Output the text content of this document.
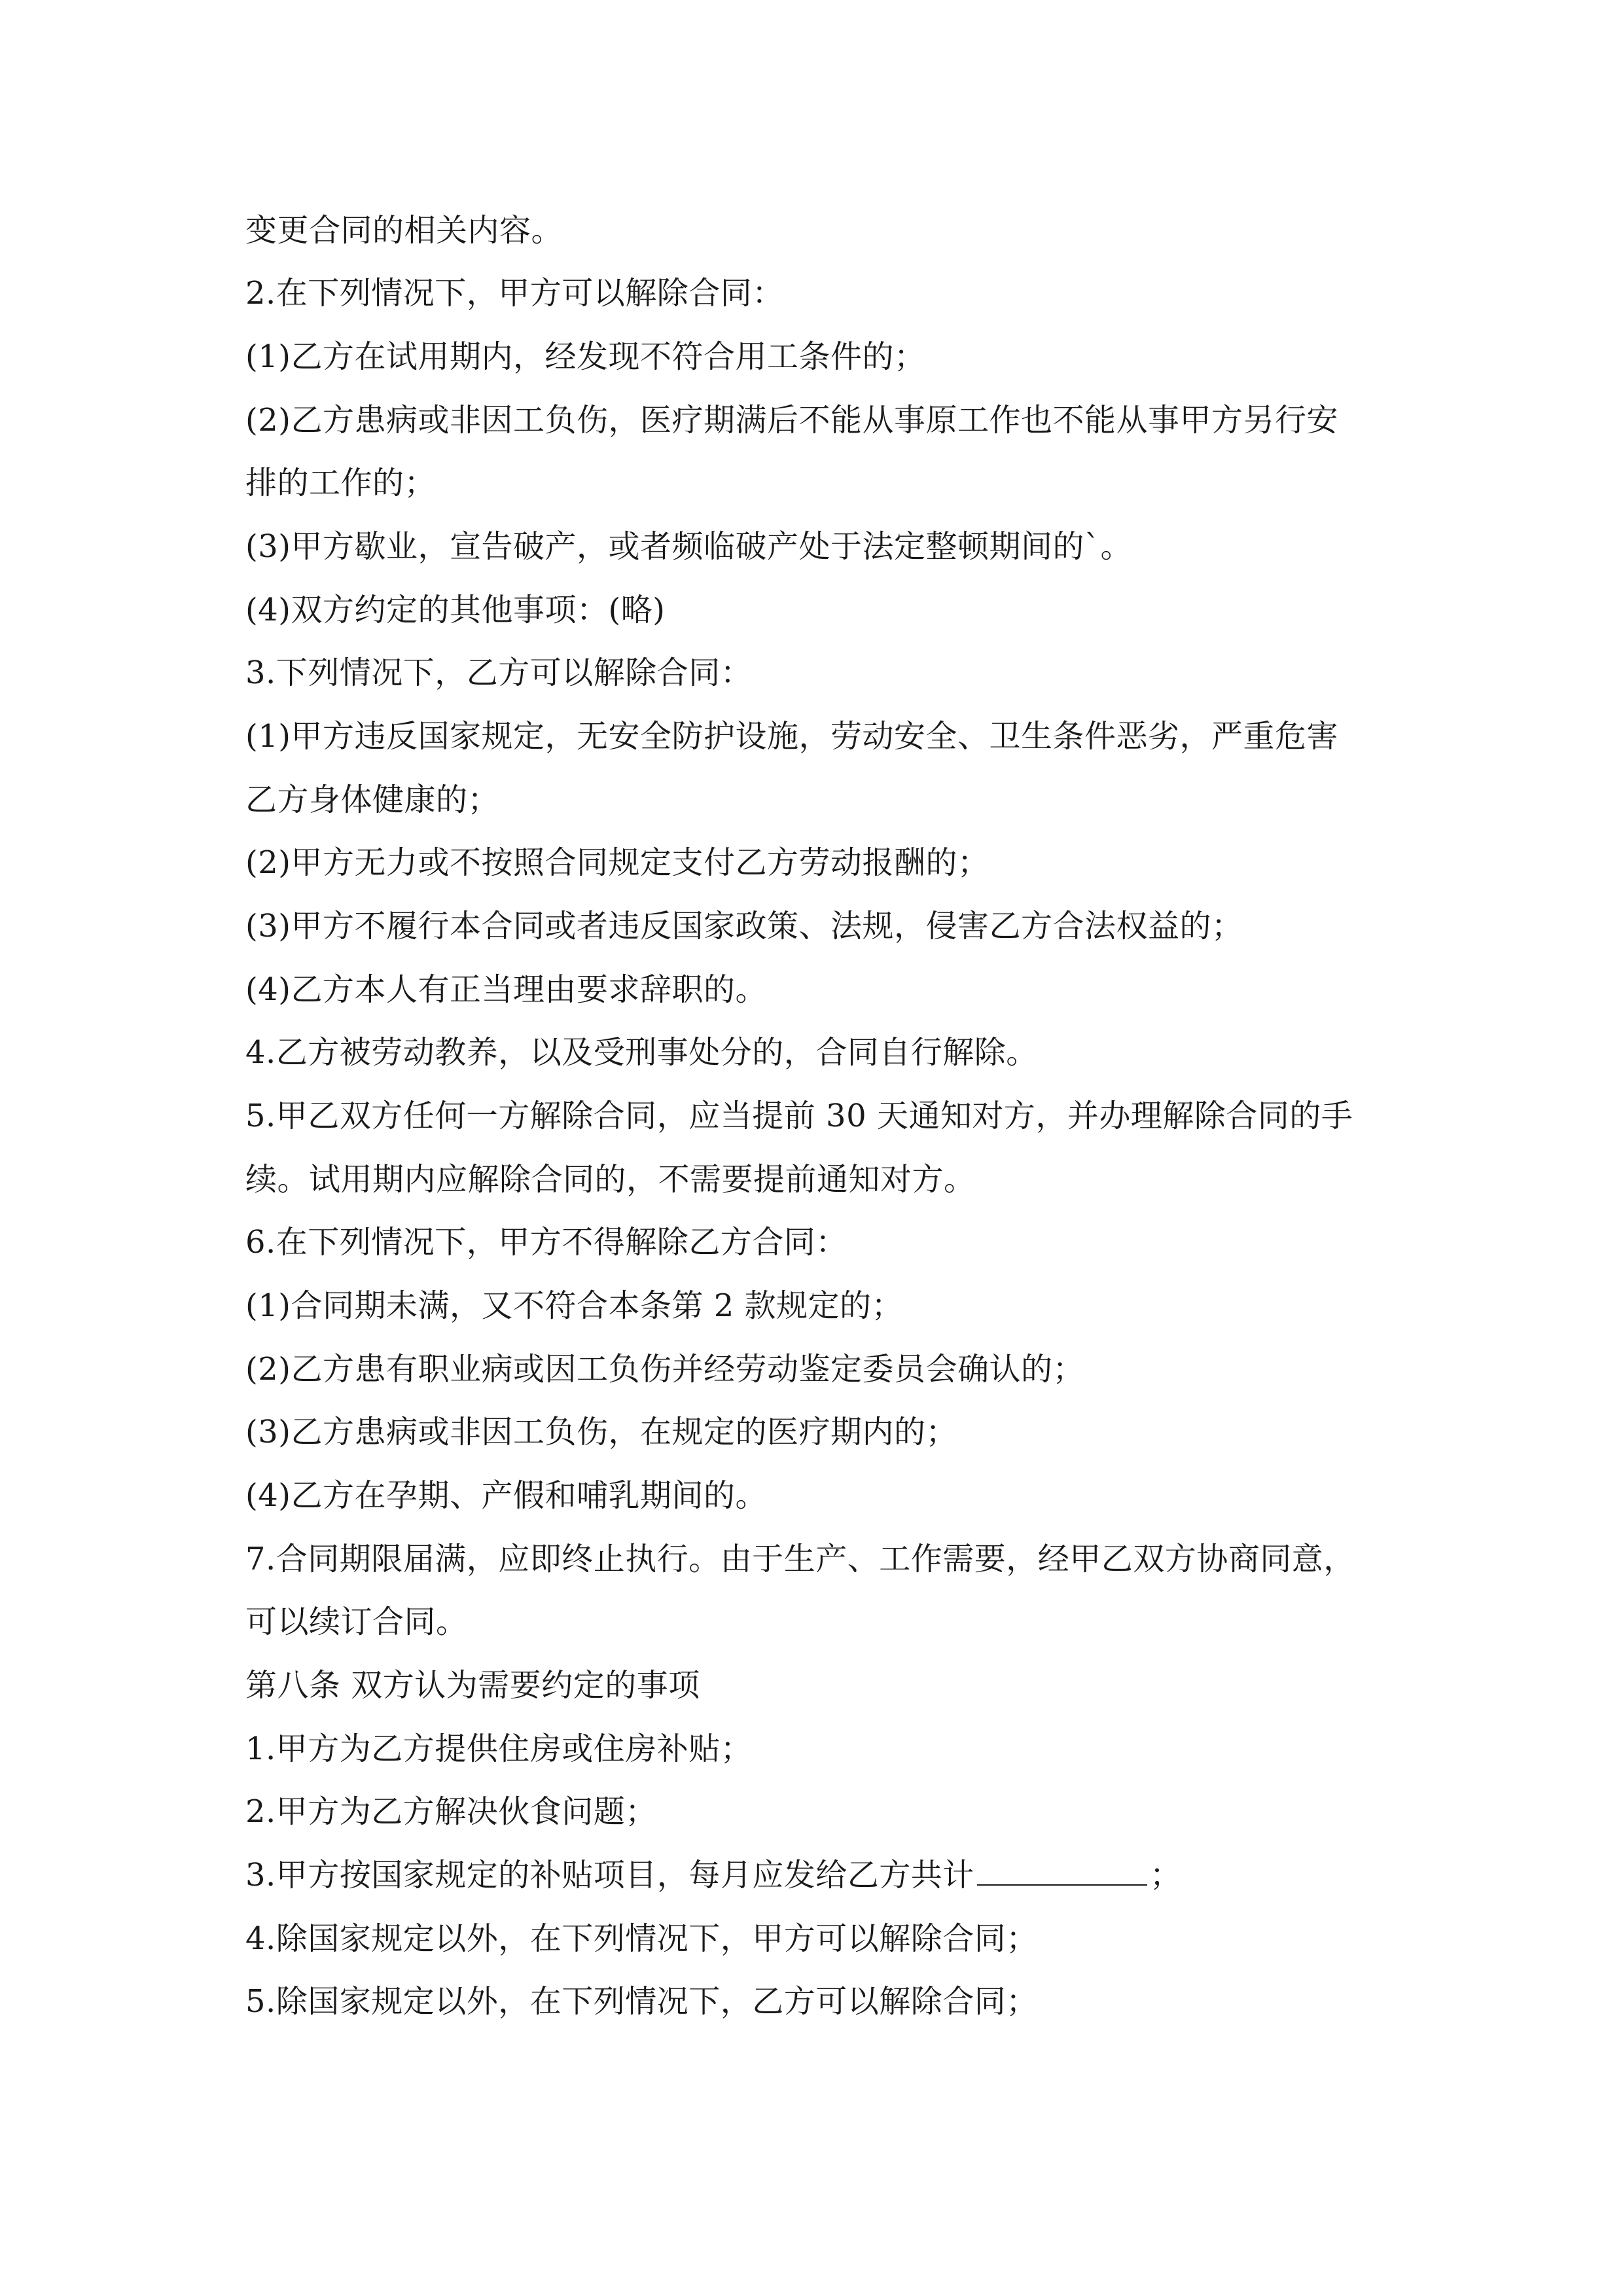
变更合同的相关内容。
2.在下列情况下，甲方可以解除合同：
(1)乙方在试用期内，经发现不符合用工条件的；
(2)乙方患病或非因工负伤，医疗期满后不能从事原工作也不能从事甲方另行安
排的工作的；
(3)甲方歇业，宣告破产，或者频临破产处于法定整顿期间的`。
(4)双方约定的其他事项：(略)
3.下列情况下，乙方可以解除合同：
(1)甲方违反国家规定，无安全防护设施，劳动安全、卫生条件恶劣，严重危害
乙方身体健康的；
(2)甲方无力或不按照合同规定支付乙方劳动报酬的；
(3)甲方不履行本合同或者违反国家政策、法规，侵害乙方合法权益的；
(4)乙方本人有正当理由要求辞职的。
4.乙方被劳动教养，以及受刑事处分的，合同自行解除。
5.甲乙双方任何一方解除合同，应当提前 30 天通知对方，并办理解除合同的手
续。试用期内应解除合同的，不需要提前通知对方。
6.在下列情况下，甲方不得解除乙方合同：
(1)合同期未满，又不符合本条第 2 款规定的；
(2)乙方患有职业病或因工负伤并经劳动鉴定委员会确认的；
(3)乙方患病或非因工负伤，在规定的医疗期内的；
(4)乙方在孕期、产假和哺乳期间的。
7.合同期限届满，应即终止执行。由于生产、工作需要，经甲乙双方协商同意，
可以续订合同。
第八条 双方认为需要约定的事项
1.甲方为乙方提供住房或住房补贴；
2.甲方为乙方解决伙食问题；
3.甲方按国家规定的补贴项目，每月应发给乙方共计	；
4.除国家规定以外，在下列情况下，甲方可以解除合同；
5.除国家规定以外，在下列情况下，乙方可以解除合同；
